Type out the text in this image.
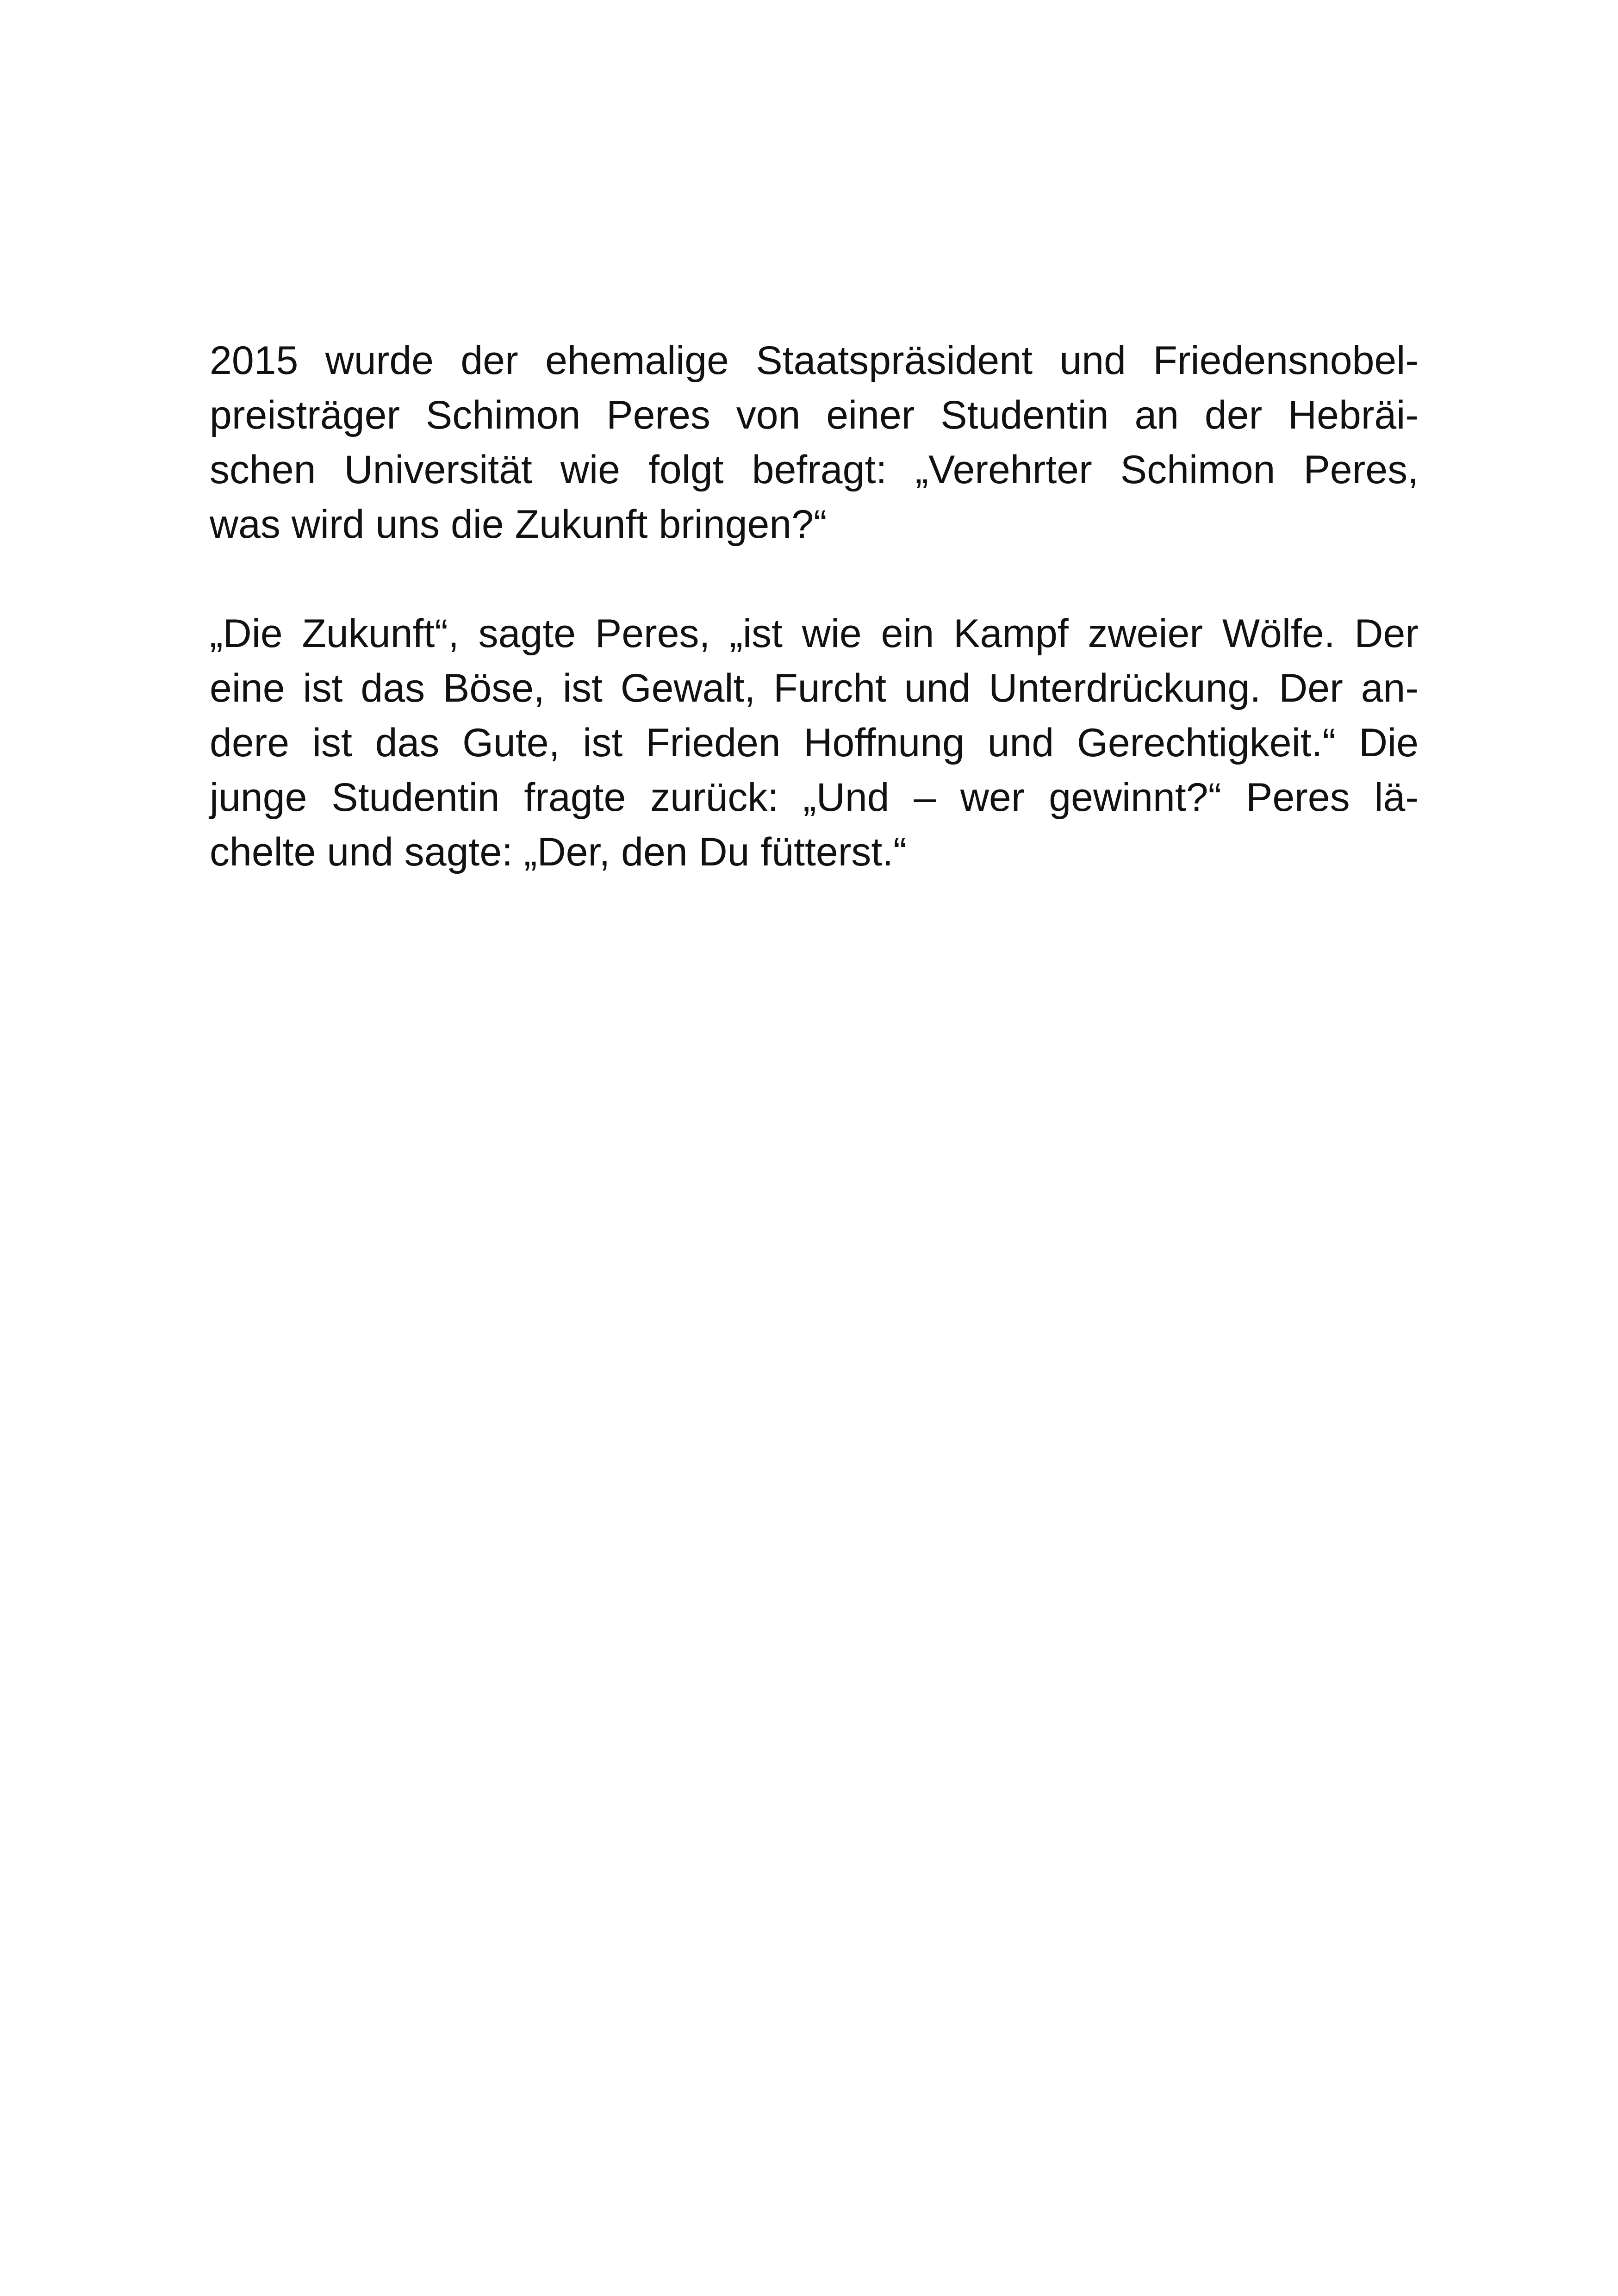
2015 wurde der ehemalige Staatspräsident und Friedensnobel-
preisträger Schimon Peres von einer Studentin an der Hebräi-
schen Universität wie folgt befragt: „Verehrter Schimon Peres,
was wird uns die Zukunft bringen?“
„Die Zukunft“, sagte Peres, „ist wie ein Kampf zweier Wölfe. Der
eine ist das Böse, ist Gewalt, Furcht und Unterdrückung. Der an-
dere ist das Gute, ist Frieden Hoffnung und Gerechtigkeit.“ Die
junge Studentin fragte zurück: „Und – wer gewinnt?“ Peres lä-
chelte und sagte: „Der, den Du fütterst.“
